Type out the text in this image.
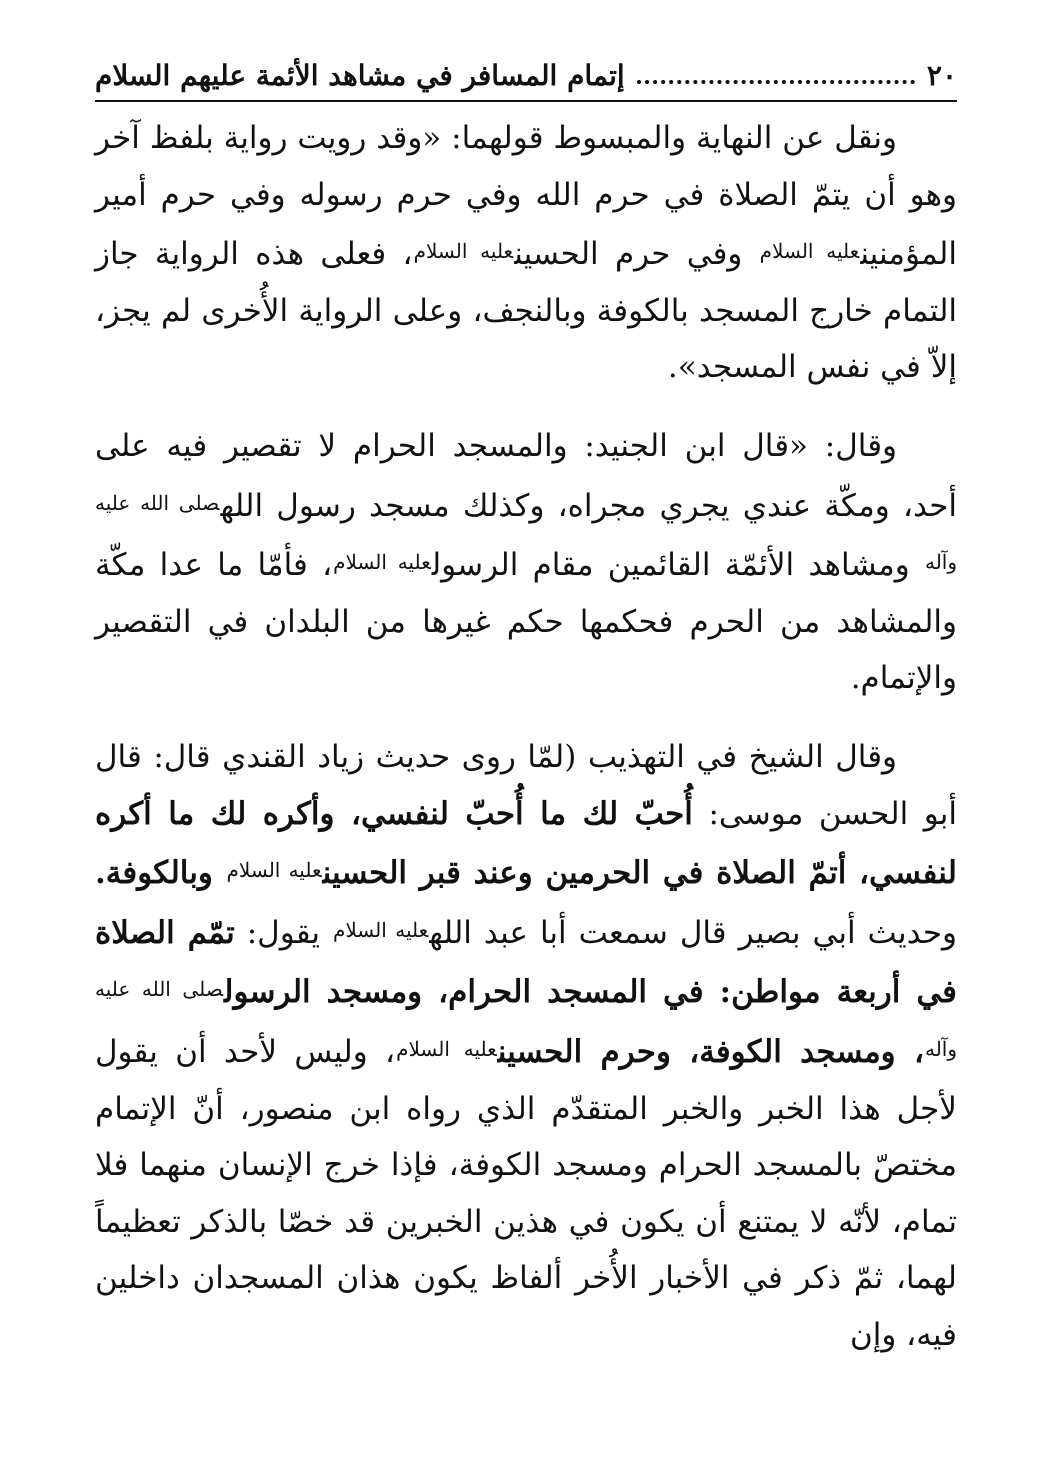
٢٠
إتمام المسافر في مشاهد الأئمة عليهم السلام

ونقل عن النهاية والمبسوط قولهما: «وقد رويت رواية بلفظ آخر وهو أن يتمّ الصلاة في حرم الله وفي حرم رسوله وفي حرم أمير المؤمنينعليه السلام وفي حرم الحسينعليه السلام، فعلى هذه الرواية جاز التمام خارج المسجد بالكوفة وبالنجف، وعلى الرواية الأُخرى لم يجز، إلاّ في نفس المسجد».

وقال: «قال ابن الجنيد: والمسجد الحرام لا تقصير فيه على أحد، ومكّة عندي يجري مجراه، وكذلك مسجد رسول اللهصلى الله عليه وآله ومشاهد الأئمّة القائمين مقام الرسولعليه السلام، فأمّا ما عدا مكّة والمشاهد من الحرم فحكمها حكم غيرها من البلدان في التقصير والإتمام.

وقال الشيخ في التهذيب (لمّا روى حديث زياد القندي قال: قال أبو الحسن موسى: أُحبّ لك ما أُحبّ لنفسي، وأكره لك ما أكره لنفسي، أتمّ الصلاة في الحرمين وعند قبر الحسينعليه السلام وبالكوفة. وحديث أبي بصير قال سمعت أبا عبد اللهعليه السلام يقول: تمّم الصلاة في أربعة مواطن: في المسجد الحرام، ومسجد الرسولصلى الله عليه وآله، ومسجد الكوفة، وحرم الحسينعليه السلام، وليس لأحد أن يقول لأجل هذا الخبر والخبر المتقدّم الذي رواه ابن منصور، أنّ الإتمام مختصّ بالمسجد الحرام ومسجد الكوفة، فإذا خرج الإنسان منهما فلا تمام، لأنّه لا يمتنع أن يكون في هذين الخبرين قد خصّا بالذكر تعظيماً لهما، ثمّ ذكر في الأخبار الأُخر ألفاظ يكون هذان المسجدان داخلين فيه، وإن
